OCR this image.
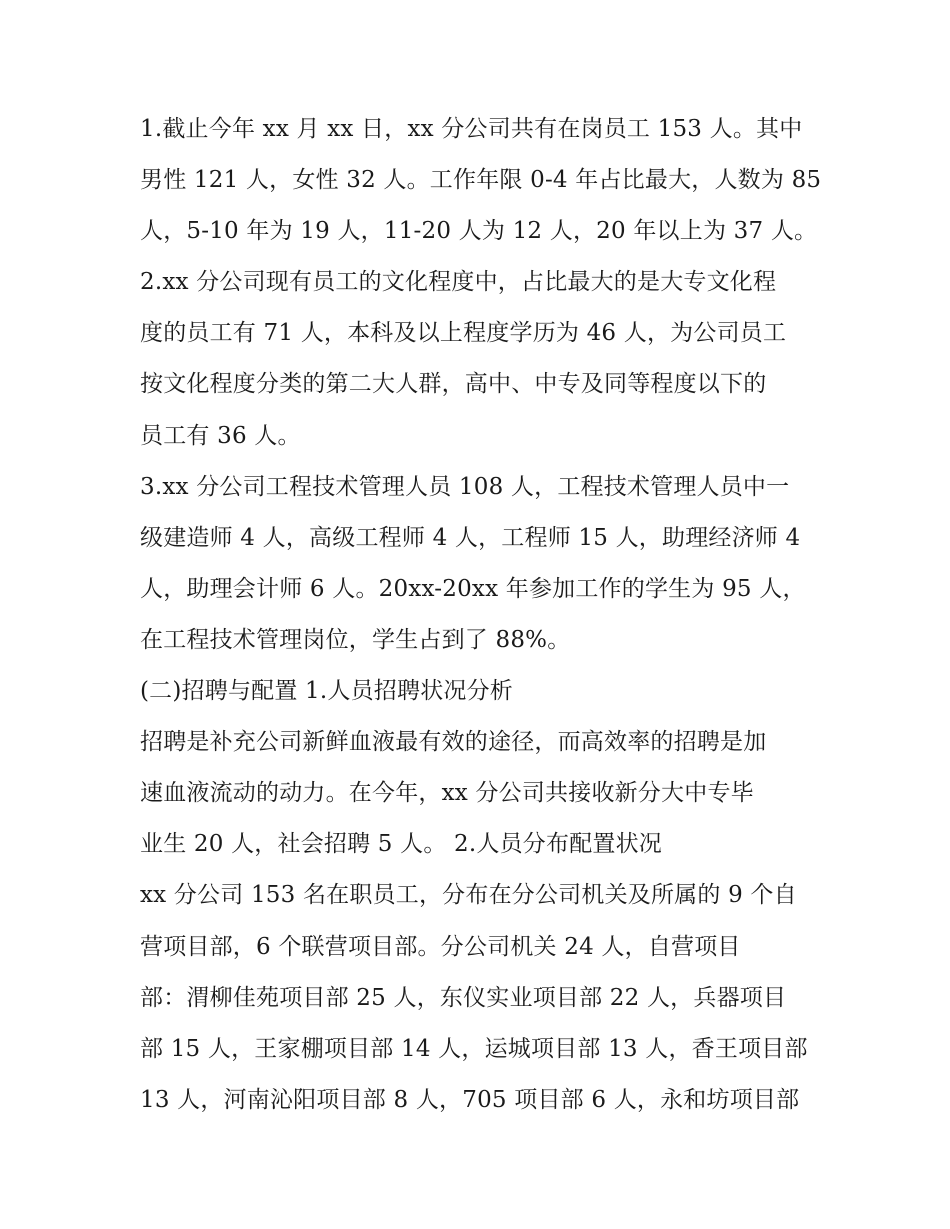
1.截止今年 xx 月 xx 日，xx 分公司共有在岗员工 153 人。其中
男性 121 人，女性 32 人。工作年限 0-4 年占比最大，人数为 85
人，5-10 年为 19 人，11-20 人为 12 人，20 年以上为 37 人。
2.xx 分公司现有员工的文化程度中，占比最大的是大专文化程
度的员工有 71 人，本科及以上程度学历为 46 人，为公司员工
按文化程度分类的第二大人群，高中、中专及同等程度以下的
员工有 36 人。
3.xx 分公司工程技术管理人员 108 人，工程技术管理人员中一
级建造师 4 人，高级工程师 4 人，工程师 15 人，助理经济师 4
人，助理会计师 6 人。20xx-20xx 年参加工作的学生为 95 人，
在工程技术管理岗位，学生占到了 88%。
(二)招聘与配置 1.人员招聘状况分析
招聘是补充公司新鲜血液最有效的途径，而高效率的招聘是加
速血液流动的动力。在今年，xx 分公司共接收新分大中专毕
业生 20 人，社会招聘 5 人。 2.人员分布配置状况
xx 分公司 153 名在职员工，分布在分公司机关及所属的 9 个自
营项目部，6 个联营项目部。分公司机关 24 人，自营项目
部：渭柳佳苑项目部 25 人，东仪实业项目部 22 人，兵器项目
部 15 人，王家棚项目部 14 人，运城项目部 13 人，香王项目部
13 人，河南沁阳项目部 8 人，705 项目部 6 人，永和坊项目部
